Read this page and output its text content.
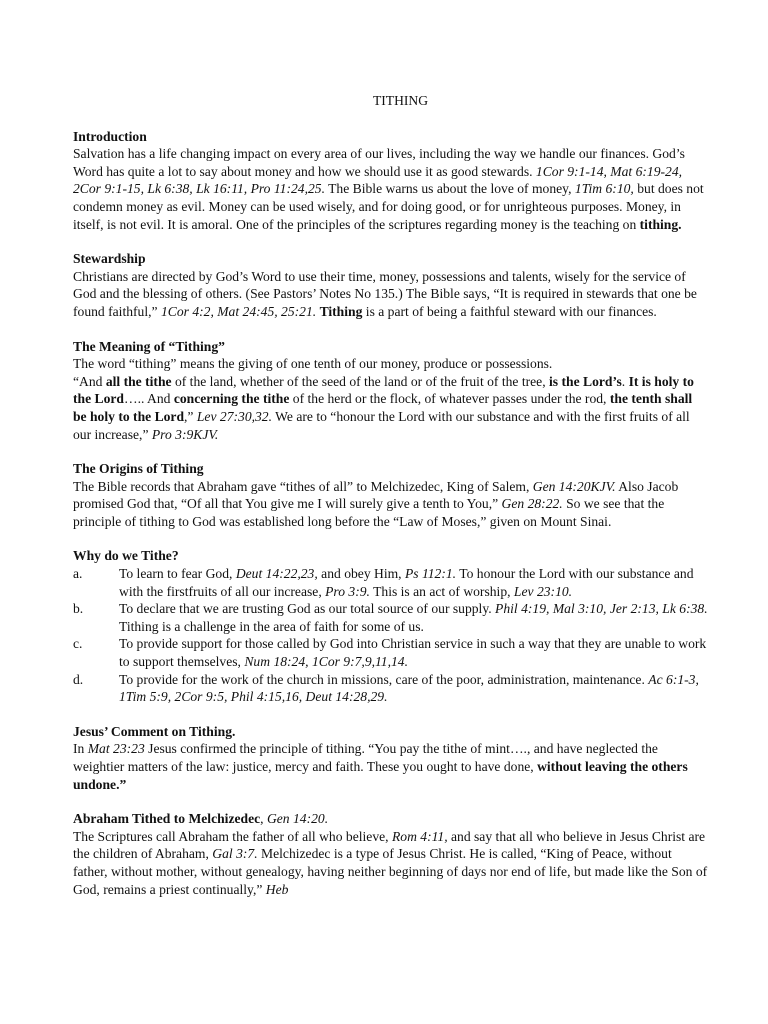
TITHING
Introduction

Salvation has a life changing impact on every area of our lives, including the way we handle our finances. God’s Word has quite a lot to say about money and how we should use it as good stewards. 1Cor 9:1-14, Mat 6:19-24, 2Cor 9:1-15, Lk 6:38, Lk 16:11, Pro 11:24,25. The Bible warns us about the love of money, 1Tim 6:10, but does not condemn money as evil. Money can be used wisely, and for doing good, or for unrighteous purposes. Money, in itself, is not evil. It is amoral. One of the principles of the scriptures regarding money is the teaching on tithing.

Stewardship

Christians are directed by God’s Word to use their time, money, possessions and talents, wisely for the service of God and the blessing of others. (See Pastors’ Notes No 135.) The Bible says, “It is required in stewards that one be found faithful,” 1Cor 4:2, Mat 24:45, 25:21. Tithing is a part of being a faithful steward with our finances.

The Meaning of “Tithing”

The word “tithing” means the giving of one tenth of our money, produce or possessions.

“And all the tithe of the land, whether of the seed of the land or of the fruit of the tree, is the Lord’s. It is holy to the Lord….. And concerning the tithe of the herd or the flock, of whatever passes under the rod, the tenth shall be holy to the Lord,” Lev 27:30,32. We are to “honour the Lord with our substance and with the first fruits of all our increase,” Pro 3:9KJV.

The Origins of Tithing

The Bible records that Abraham gave “tithes of all” to Melchizedec, King of Salem, Gen 14:20KJV. Also Jacob promised God that, “Of all that You give me I will surely give a tenth to You,” Gen 28:22. So we see that the principle of tithing to God was established long before the “Law of Moses,” given on Mount Sinai.

Why do we Tithe?
a.	To learn to fear God, Deut 14:22,23, and obey Him, Ps 112:1. To honour the Lord with our substance and with the firstfruits of all our increase, Pro 3:9. This is an act of worship, Lev 23:10.
b.	To declare that we are trusting God as our total source of our supply. Phil 4:19, Mal 3:10, Jer 2:13, Lk 6:38. Tithing is a challenge in the area of faith for some of us.
c.	To provide support for those called by God into Christian service in such a way that they are unable to work to support themselves, Num 18:24, 1Cor 9:7,9,11,14.
d.	To provide for the work of the church in missions, care of the poor, administration, maintenance. Ac 6:1-3, 1Tim 5:9, 2Cor 9:5, Phil 4:15,16, Deut 14:28,29.
Jesus’ Comment on Tithing.

In Mat 23:23 Jesus confirmed the principle of tithing. “You pay the tithe of mint…., and have neglected the weightier matters of the law: justice, mercy and faith. These you ought to have done, without leaving the others undone.”

Abraham Tithed to Melchizedec, Gen 14:20.

The Scriptures call Abraham the father of all who believe, Rom 4:11, and say that all who believe in Jesus Christ are the children of Abraham, Gal 3:7. Melchizedec is a type of Jesus Christ. He is called, “King of Peace, without father, without mother, without genealogy, having neither beginning of days nor end of life, but made like the Son of God, remains a priest continually,” Heb
